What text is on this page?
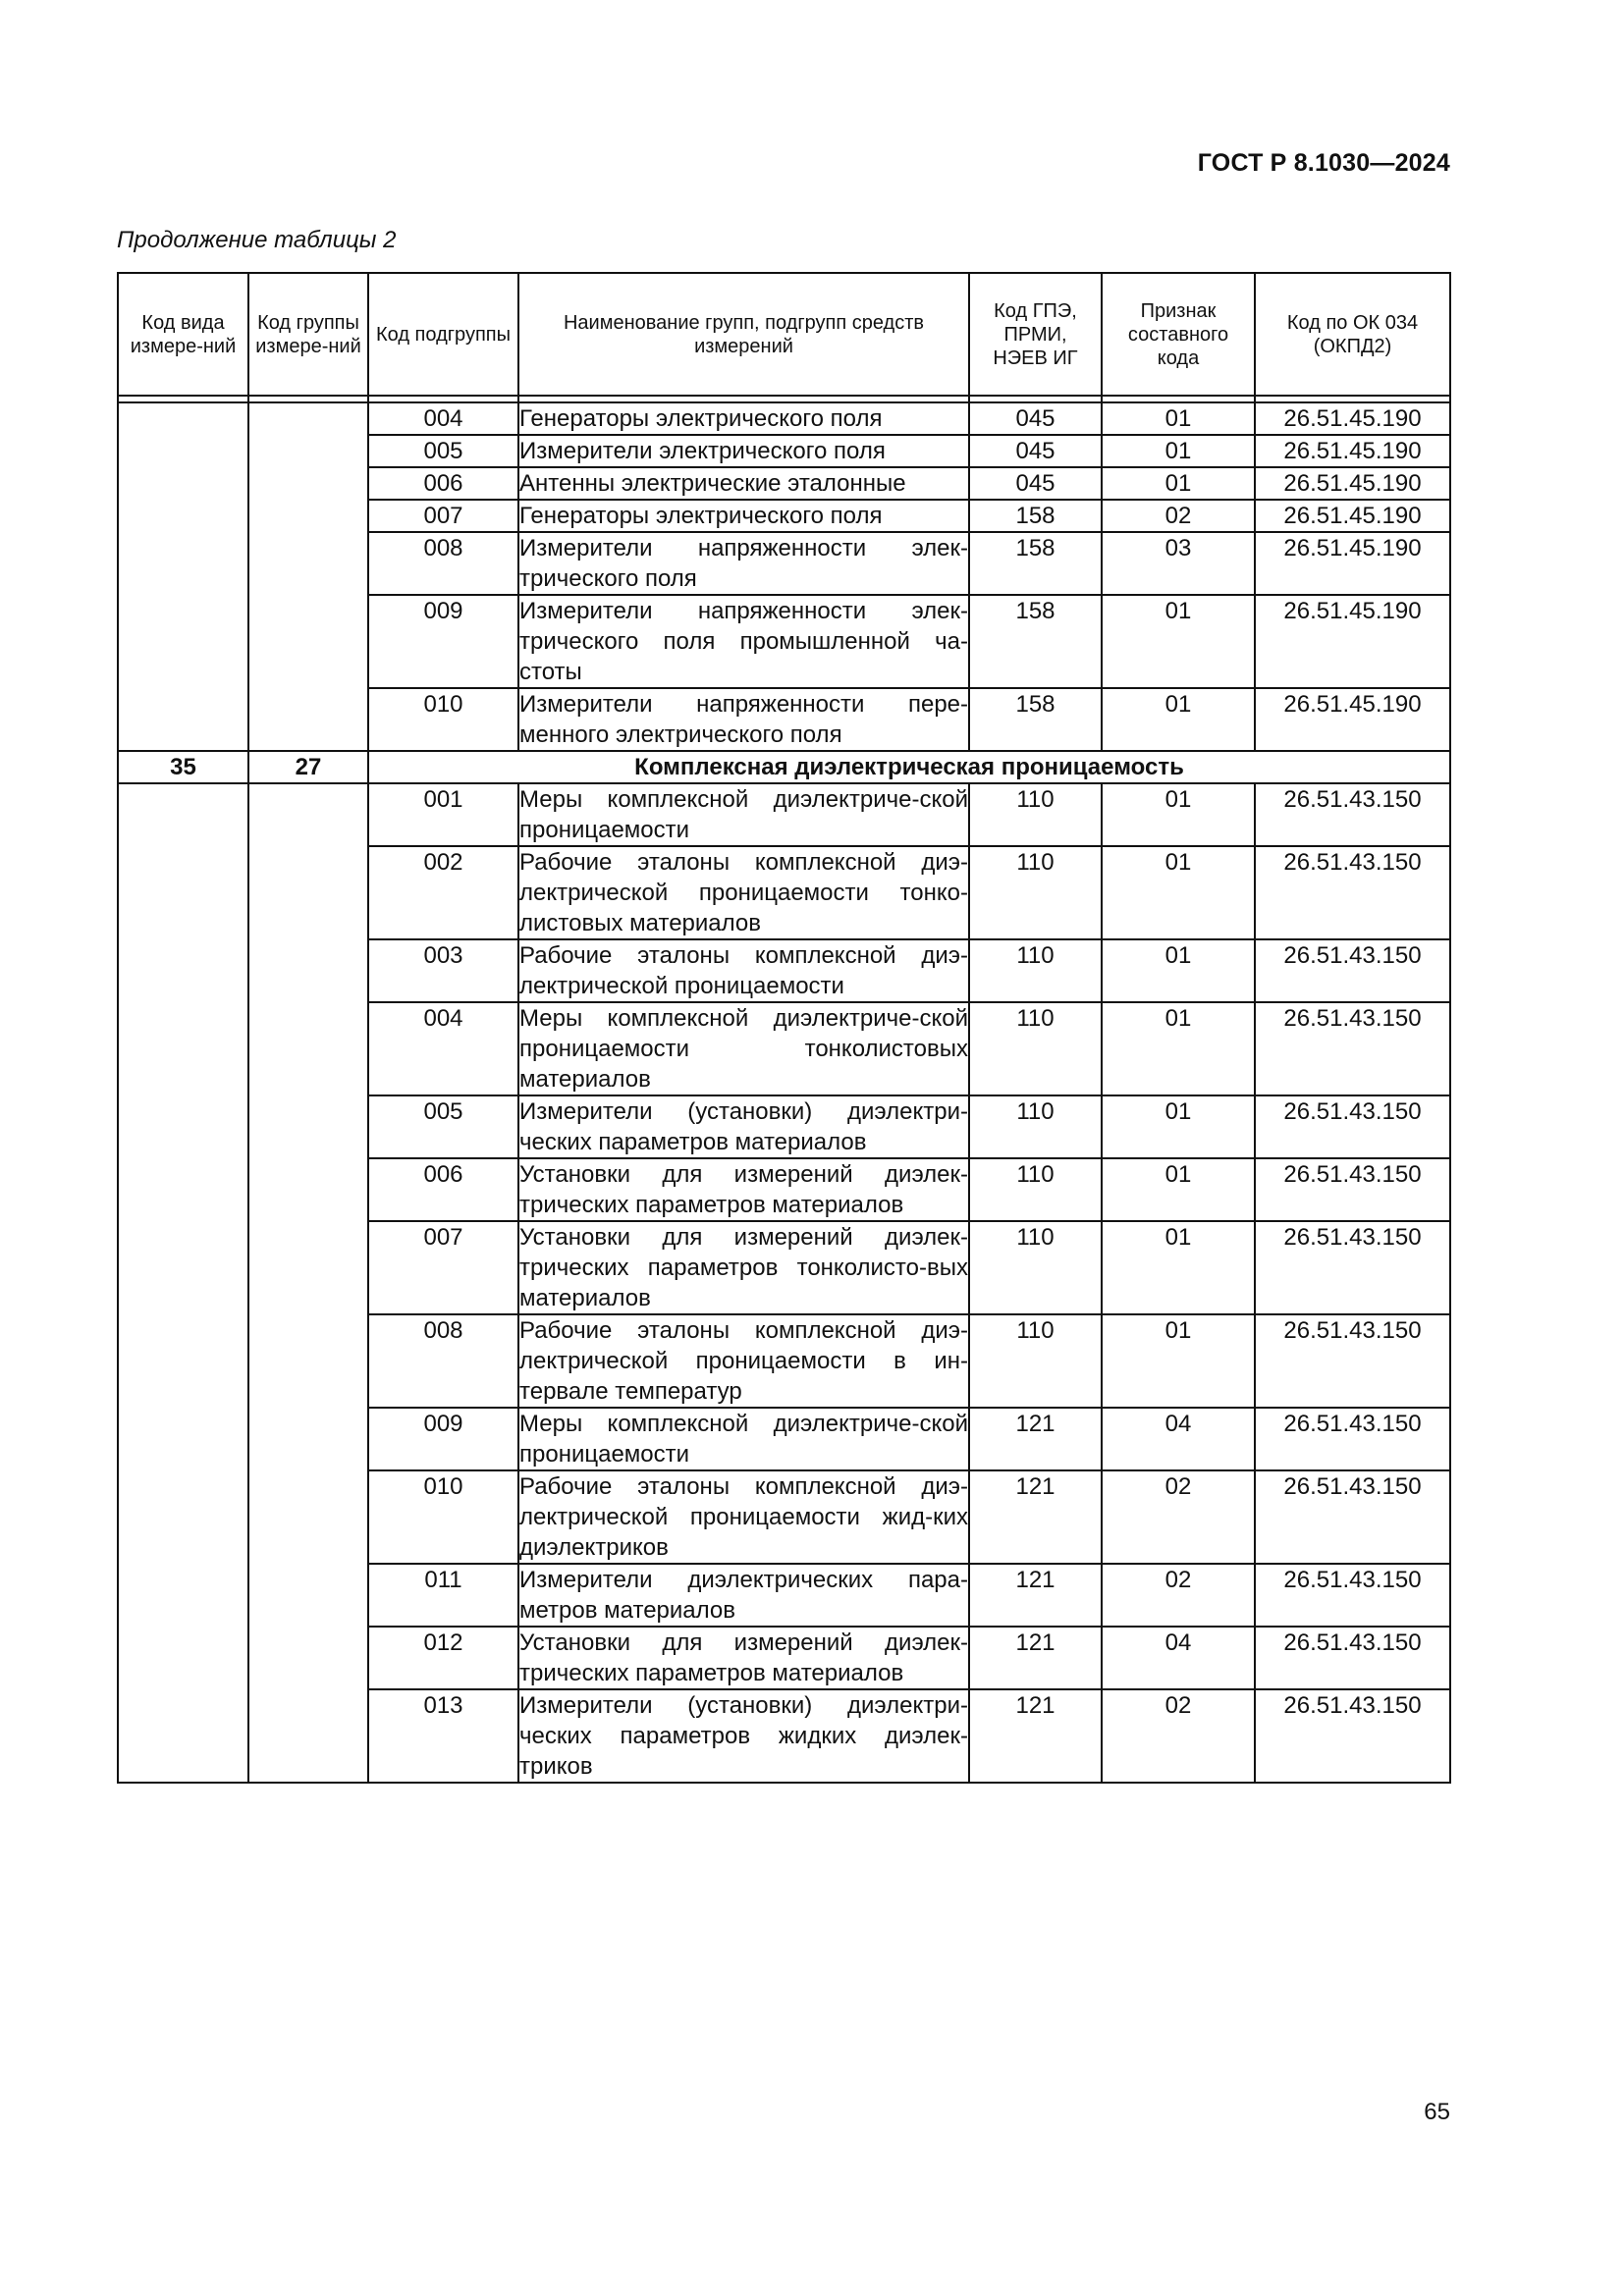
ГОСТ Р 8.1030—2024
Продолжение таблицы 2
Код вида измере-ний	Код группы измере-ний	Код подгруппы	Наименование групп, подгрупп средств измерений	Код ГПЭ, ПРМИ, НЭЕВ ИГ	Признак составного кода	Код по ОК 034 (ОКПД2)

		004	Генераторы электрического поля	045	01	26.51.45.190
		005	Измерители электрического поля	045	01	26.51.45.190
		006	Антенны электрические эталонные	045	01	26.51.45.190
		007	Генераторы электрического поля	158	02	26.51.45.190
		008	Измерители напряженности элек-трического поля	158	03	26.51.45.190
		009	Измерители напряженности элек-трического поля промышленной ча-стоты	158	01	26.51.45.190
		010	Измерители напряженности пере-менного электрического поля	158	01	26.51.45.190
35	27	Комплексная диэлектрическая проницаемость				
		001	Меры комплексной диэлектриче-ской проницаемости	110	01	26.51.43.150
		002	Рабочие эталоны комплексной диэ-лектрической проницаемости тонко-листовых материалов	110	01	26.51.43.150
		003	Рабочие эталоны комплексной диэ-лектрической проницаемости	110	01	26.51.43.150
		004	Меры комплексной диэлектриче-ской проницаемости тонколистовых материалов	110	01	26.51.43.150
		005	Измерители (установки) диэлектри-ческих параметров материалов	110	01	26.51.43.150
		006	Установки для измерений диэлек-трических параметров материалов	110	01	26.51.43.150
		007	Установки для измерений диэлек-трических параметров тонколисто-вых материалов	110	01	26.51.43.150
		008	Рабочие эталоны комплексной диэ-лектрической проницаемости в ин-тервале температур	110	01	26.51.43.150
		009	Меры комплексной диэлектриче-ской проницаемости	121	04	26.51.43.150
		010	Рабочие эталоны комплексной диэ-лектрической проницаемости жид-ких диэлектриков	121	02	26.51.43.150
		011	Измерители диэлектрических пара-метров материалов	121	02	26.51.43.150
		012	Установки для измерений диэлек-трических параметров материалов	121	04	26.51.43.150
		013	Измерители (установки) диэлектри-ческих параметров жидких диэлек-триков	121	02	26.51.43.150

65
